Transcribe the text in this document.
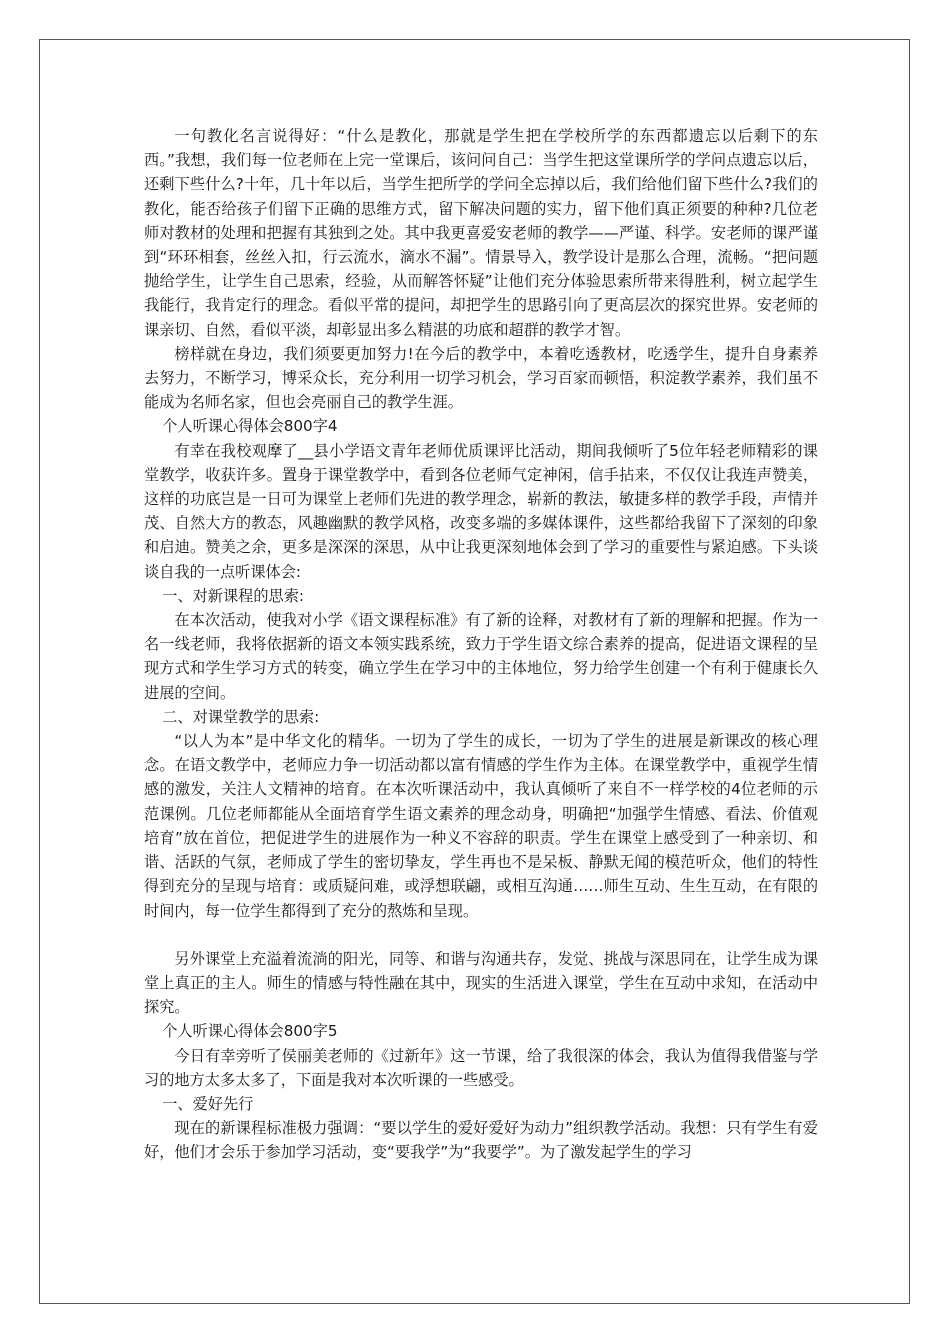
一句教化名言说得好：“什么是教化，那就是学生把在学校所学的东西都遗忘以后剩下的东西。”我想，我们每一位老师在上完一堂课后，该问问自己：当学生把这堂课所学的学问点遗忘以后，还剩下些什么?十年，几十年以后，当学生把所学的学问全忘掉以后，我们给他们留下些什么?我们的教化，能否给孩子们留下正确的思维方式，留下解决问题的实力，留下他们真正须要的种种?几位老师对教材的处理和把握有其独到之处。其中我更喜爱安老师的教学——严谨、科学。安老师的课严谨到“环环相套，丝丝入扣，行云流水，滴水不漏”。情景导入，教学设计是那么合理，流畅。“把问题抛给学生，让学生自己思索，经验，从而解答怀疑”让他们充分体验思索所带来得胜利，树立起学生我能行，我肯定行的理念。看似平常的提问，却把学生的思路引向了更高层次的探究世界。安老师的课亲切、自然，看似平淡，却彰显出多么精湛的功底和超群的教学才智。

榜样就在身边，我们须要更加努力!在今后的教学中，本着吃透教材，吃透学生，提升自身素养去努力，不断学习，博采众长，充分利用一切学习机会，学习百家而顿悟，积淀教学素养，我们虽不能成为名师名家，但也会亮丽自己的教学生涯。

个人听课心得体会800字4

有幸在我校观摩了__县小学语文青年老师优质课评比活动，期间我倾听了5位年轻老师精彩的课堂教学，收获许多。置身于课堂教学中，看到各位老师气定神闲，信手拈来，不仅仅让我连声赞美，这样的功底岂是一日可为课堂上老师们先进的教学理念，崭新的教法，敏捷多样的教学手段，声情并茂、自然大方的教态，风趣幽默的教学风格，改变多端的多媒体课件，这些都给我留下了深刻的印象和启迪。赞美之余，更多是深深的深思，从中让我更深刻地体会到了学习的重要性与紧迫感。下头谈谈自我的一点听课体会:

一、对新课程的思索:

在本次活动，使我对小学《语文课程标准》有了新的诠释，对教材有了新的理解和把握。作为一名一线老师，我将依据新的语文本领实践系统，致力于学生语文综合素养的提高，促进语文课程的呈现方式和学生学习方式的转变，确立学生在学习中的主体地位，努力给学生创建一个有利于健康长久进展的空间。

二、对课堂教学的思索:

“以人为本”是中华文化的精华。一切为了学生的成长，一切为了学生的进展是新课改的核心理念。在语文教学中，老师应力争一切活动都以富有情感的学生作为主体。在课堂教学中，重视学生情感的激发，关注人文精神的培育。在本次听课活动中，我认真倾听了来自不一样学校的4位老师的示范课例。几位老师都能从全面培育学生语文素养的理念动身，明确把“加强学生情感、看法、价值观培育”放在首位，把促进学生的进展作为一种义不容辞的职责。学生在课堂上感受到了一种亲切、和谐、活跃的气氛，老师成了学生的密切挚友，学生再也不是呆板、静默无闻的模范听众，他们的特性得到充分的呈现与培育：或质疑问难，或浮想联翩，或相互沟通……师生互动、生生互动，在有限的时间内，每一位学生都得到了充分的熬炼和呈现。

另外课堂上充溢着流淌的阳光，同等、和谐与沟通共存，发觉、挑战与深思同在，让学生成为课堂上真正的主人。师生的情感与特性融在其中，现实的生活进入课堂，学生在互动中求知，在活动中探究。

个人听课心得体会800字5

今日有幸旁听了侯丽美老师的《过新年》这一节课，给了我很深的体会，我认为值得我借鉴与学习的地方太多太多了，下面是我对本次听课的一些感受。

一、爱好先行

现在的新课程标准极力强调：“要以学生的爱好爱好为动力”组织教学活动。我想：只有学生有爱好，他们才会乐于参加学习活动，变“要我学”为“我要学”。为了激发起学生的学习
